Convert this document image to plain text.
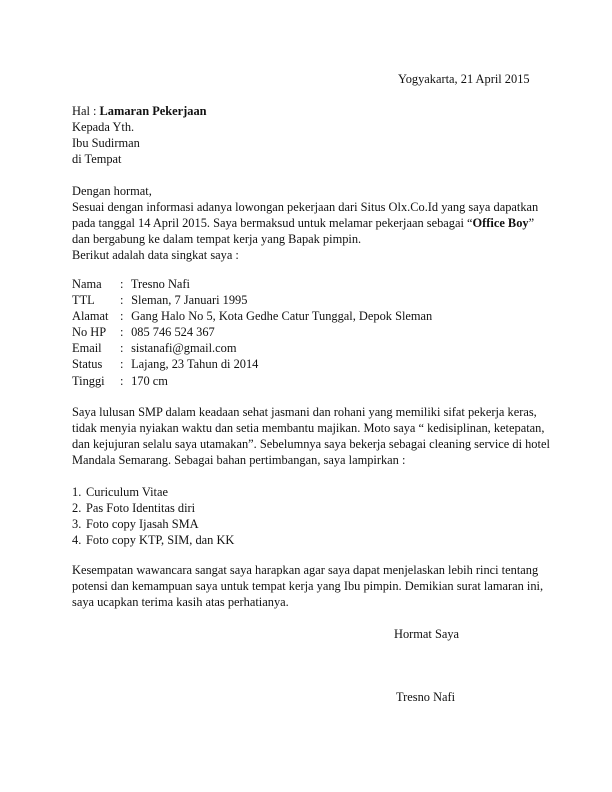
Yogyakarta, 21 April 2015
Hal : Lamaran Pekerjaan
Kepada Yth.
Ibu Sudirman
di Tempat
Dengan hormat,
Sesuai dengan informasi adanya lowongan pekerjaan dari Situs Olx.Co.Id yang saya dapatkan
pada tanggal 14 April 2015. Saya bermaksud untuk melamar pekerjaan sebagai “Office Boy”
dan bergabung ke dalam tempat kerja yang Bapak pimpin.
Berikut adalah data singkat saya :
Nama : Tresno Nafi
TTL : Sleman, 7 Januari 1995
Alamat : Gang Halo No 5, Kota Gedhe Catur Tunggal, Depok Sleman
No HP : 085 746 524 367
Email : sistanafi@gmail.com
Status : Lajang, 23 Tahun di 2014
Tinggi : 170 cm
Saya lulusan SMP dalam keadaan sehat jasmani dan rohani yang memiliki sifat pekerja keras,
tidak menyia nyiakan waktu dan setia membantu majikan. Moto saya “ kedisiplinan, ketepatan,
dan kejujuran selalu saya utamakan”. Sebelumnya saya bekerja sebagai cleaning service di hotel
Mandala Semarang. Sebagai bahan pertimbangan, saya lampirkan :
1. Curiculum Vitae
2. Pas Foto Identitas diri
3. Foto copy Ijasah SMA
4. Foto copy KTP, SIM, dan KK
Kesempatan wawancara sangat saya harapkan agar saya dapat menjelaskan lebih rinci tentang
potensi dan kemampuan saya untuk tempat kerja yang Ibu pimpin. Demikian surat lamaran ini,
saya ucapkan terima kasih atas perhatianya.
Hormat Saya
Tresno Nafi
